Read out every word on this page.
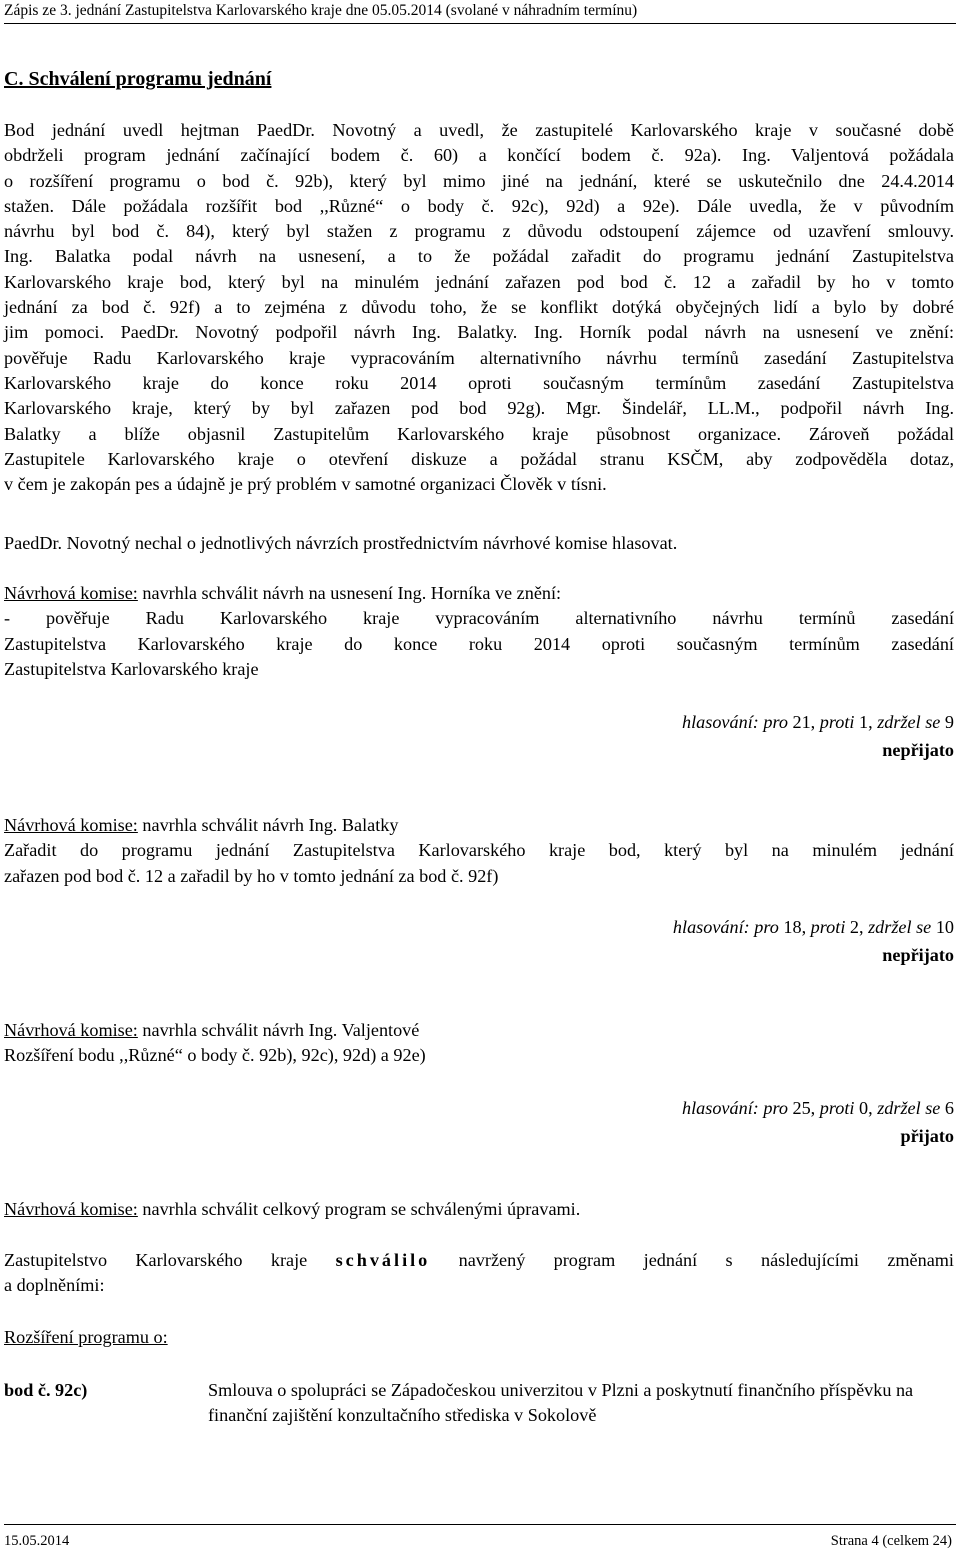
Zápis ze 3. jednání Zastupitelstva Karlovarského kraje dne 05.05.2014 (svolané v náhradním termínu)
C. Schválení programu jednání
Bod jednání uvedl hejtman PaedDr. Novotný a uvedl, že zastupitelé Karlovarského kraje v současné době
obdrželi program jednání začínající bodem č. 60) a končící bodem č. 92a). Ing. Valjentová požádala
o rozšíření programu o bod č. 92b), který byl mimo jiné na jednání, které se uskutečnilo dne 24.4.2014
stažen. Dále požádala rozšířit bod ,,Různé“ o body č. 92c), 92d) a 92e). Dále uvedla, že v původním
návrhu byl bod č. 84), který byl stažen z programu z důvodu odstoupení zájemce od uzavření smlouvy.
Ing. Balatka podal návrh na usnesení, a to že požádal zařadit do programu jednání Zastupitelstva
Karlovarského kraje bod, který byl na minulém jednání zařazen pod bod č. 12 a zařadil by ho v tomto
jednání za bod č. 92f) a to zejména z důvodu toho, že se konflikt dotýká obyčejných lidí a bylo by dobré
jim pomoci. PaedDr. Novotný podpořil návrh Ing. Balatky. Ing. Horník podal návrh na usnesení ve znění:
pověřuje Radu Karlovarského kraje vypracováním alternativního návrhu termínů zasedání Zastupitelstva
Karlovarského kraje do konce roku 2014 oproti současným termínům zasedání Zastupitelstva
Karlovarského kraje, který by byl zařazen pod bod 92g). Mgr. Šindelář, LL.M., podpořil návrh Ing.
Balatky a blíže objasnil Zastupitelům Karlovarského kraje působnost organizace. Zároveň požádal
Zastupitele Karlovarského kraje o otevření diskuze a požádal stranu KSČM, aby zodpověděla dotaz,
v čem je zakopán pes a údajně je prý problém v samotné organizaci Člověk v tísni.
PaedDr. Novotný nechal o jednotlivých návrzích prostřednictvím návrhové komise hlasovat.
Návrhová komise: navrhla schválit návrh na usnesení Ing. Horníka ve znění:
- pověřuje Radu Karlovarského kraje vypracováním alternativního návrhu termínů zasedání
Zastupitelstva Karlovarského kraje do konce roku 2014 oproti současným termínům zasedání
Zastupitelstva Karlovarského kraje
hlasování: pro 21, proti 1, zdržel se 9
nepřijato
Návrhová komise: navrhla schválit návrh Ing. Balatky
Zařadit do programu jednání Zastupitelstva Karlovarského kraje bod, který byl na minulém jednání
zařazen pod bod č. 12 a zařadil by ho v tomto jednání za bod č. 92f)
hlasování: pro 18, proti 2, zdržel se 10
nepřijato
Návrhová komise: navrhla schválit návrh Ing. Valjentové
Rozšíření bodu ,,Různé“ o body č. 92b), 92c), 92d) a 92e)
hlasování: pro 25, proti 0, zdržel se 6
přijato
Návrhová komise: navrhla schválit celkový program se schválenými úpravami.
Zastupitelstvo Karlovarského kraje schválilo navržený program jednání s následujícími změnami
a doplněními:
Rozšíření programu o:
bod č. 92c)	Smlouva o spolupráci se Západočeskou univerzitou v Plzni a poskytnutí finančního příspěvku na finanční zajištění konzultačního střediska v Sokolově
15.05.2014	Strana 4 (celkem 24)
